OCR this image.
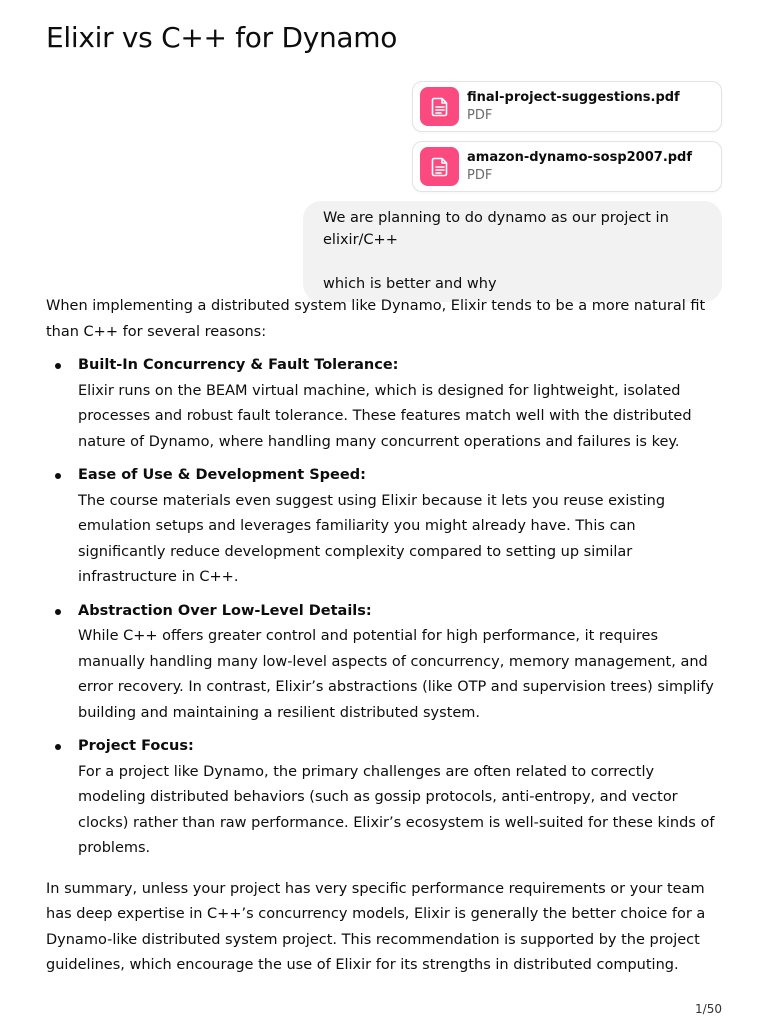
Elixir vs C++ for Dynamo
final-project-suggestions.pdf
PDF
amazon-dynamo-sosp2007.pdf
PDF

We are planning to do dynamo as our project in elixir/C++

which is better and why

When implementing a distributed system like Dynamo, Elixir tends to be a more natural fit than C++ for several reasons:

Built-In Concurrency & Fault Tolerance:
Elixir runs on the BEAM virtual machine, which is designed for lightweight, isolated processes and robust fault tolerance. These features match well with the distributed nature of Dynamo, where handling many concurrent operations and failures is key.
Ease of Use & Development Speed:
The course materials even suggest using Elixir because it lets you reuse existing emulation setups and leverages familiarity you might already have. This can significantly reduce development complexity compared to setting up similar infrastructure in C++.
Abstraction Over Low-Level Details:
While C++ offers greater control and potential for high performance, it requires manually handling many low-level aspects of concurrency, memory management, and error recovery. In contrast, Elixir’s abstractions (like OTP and supervision trees) simplify building and maintaining a resilient distributed system.
Project Focus:
For a project like Dynamo, the primary challenges are often related to correctly modeling distributed behaviors (such as gossip protocols, anti-entropy, and vector clocks) rather than raw performance. Elixir’s ecosystem is well-suited for these kinds of problems.

In summary, unless your project has very specific performance requirements or your team has deep expertise in C++’s concurrency models, Elixir is generally the better choice for a Dynamo-like distributed system project. This recommendation is supported by the project guidelines, which encourage the use of Elixir for its strengths in distributed computing.

1/50
